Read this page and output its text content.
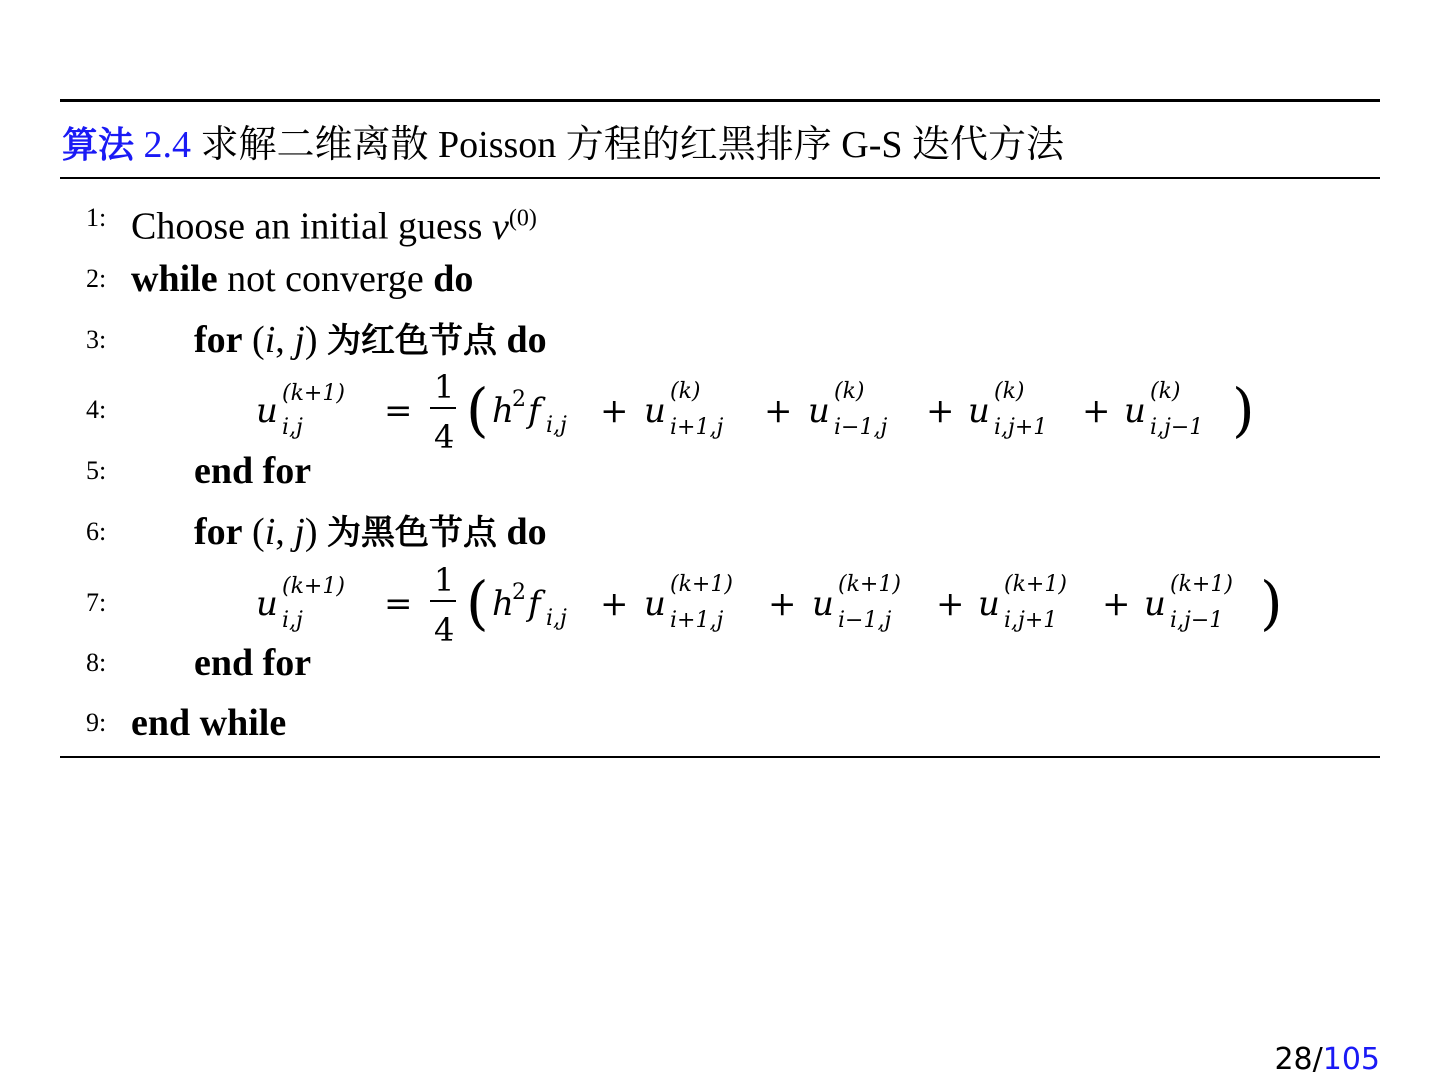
算法 2.4 求解二维离散 Poisson 方程的红黑排序 G-S 迭代方法
1: Choose an initial guess $v^{(0)}$
2: while not converge do
3: for (i, j) 为红色节点 do
4:	u (k+1)
i,j =
1
4 ( h
2 f i,j + u (k)
i+1,j + u (k)
i−1,j + u (k)
i,j+1 + u (k)
i,j−1 )
5: end for
6: for (i, j) 为黑色节点 do
7:	u (k+1)
i,j =
1
4 ( h
2 f i,j + u (k+1)
i+1,j + u (k+1)
i−1,j + u (k+1)
i,j+1 + u (k+1)
i,j−1 )
8: end for
9: end while
28/105
